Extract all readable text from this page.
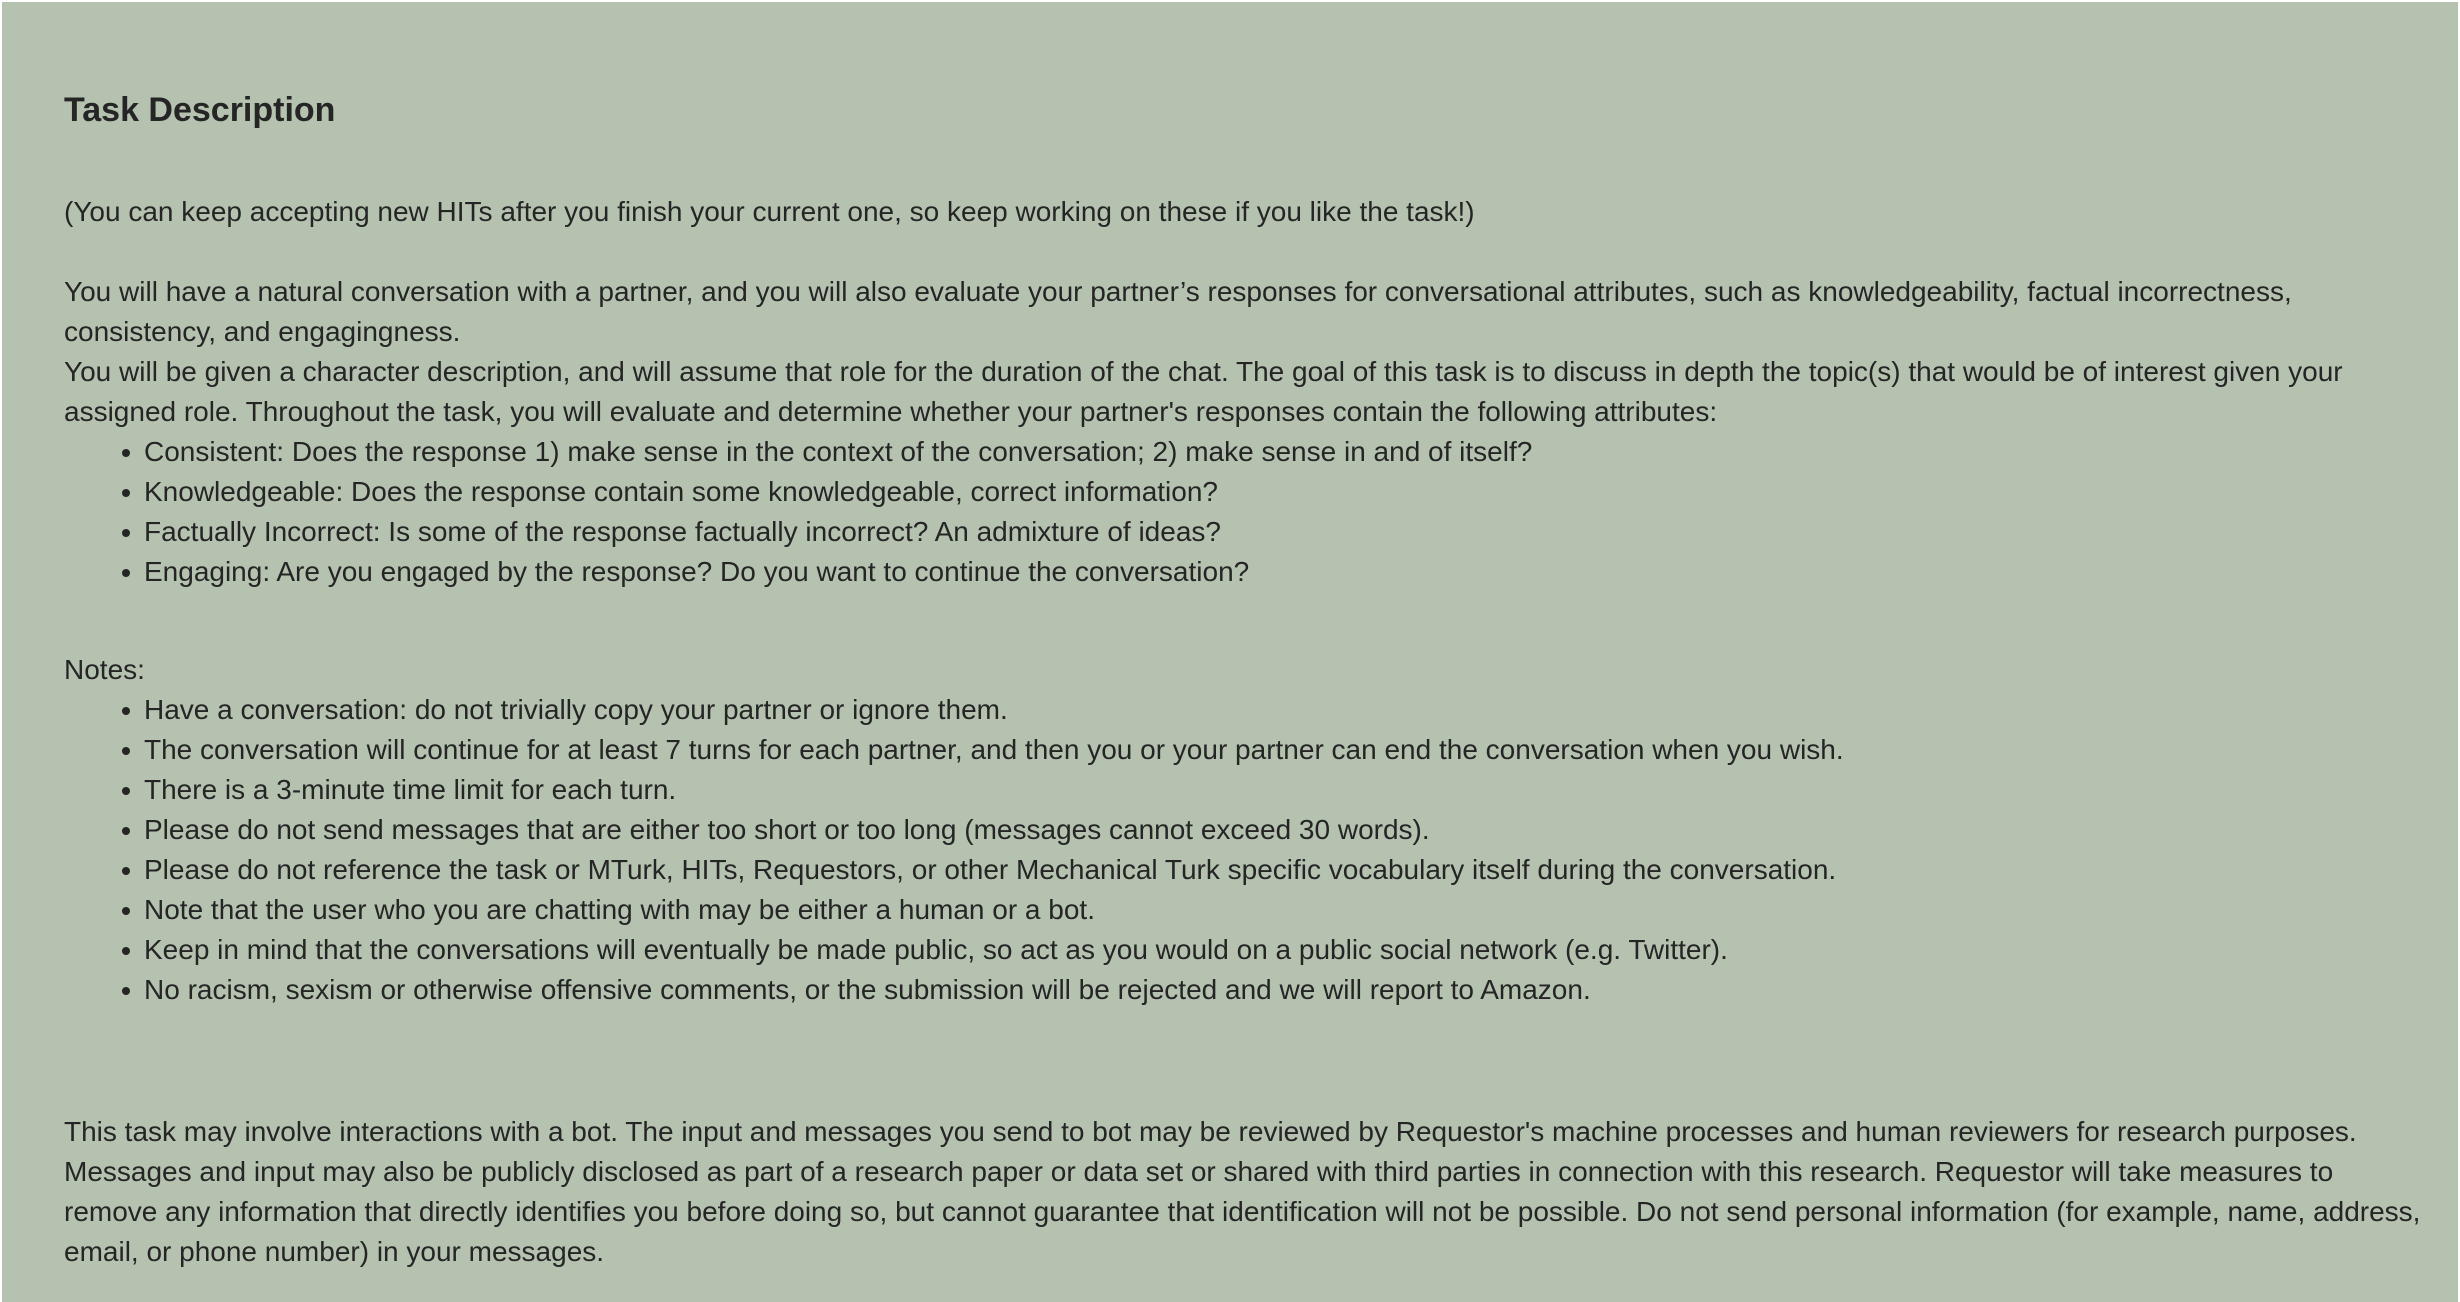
Task Description

(You can keep accepting new HITs after you finish your current one, so keep working on these if you like the task!)

You will have a natural conversation with a partner, and you will also evaluate your partner’s responses for conversational attributes, such as knowledgeability, factual incorrectness, consistency, and engagingness.

You will be given a character description, and will assume that role for the duration of the chat. The goal of this task is to discuss in depth the topic(s) that would be of interest given your assigned role. Throughout the task, you will evaluate and determine whether your partner's responses contain the following attributes:

Consistent: Does the response 1) make sense in the context of the conversation; 2) make sense in and of itself?
Knowledgeable: Does the response contain some knowledgeable, correct information?
Factually Incorrect: Is some of the response factually incorrect? An admixture of ideas?
Engaging: Are you engaged by the response? Do you want to continue the conversation?

Notes:

Have a conversation: do not trivially copy your partner or ignore them.
The conversation will continue for at least 7 turns for each partner, and then you or your partner can end the conversation when you wish.
There is a 3-minute time limit for each turn.
Please do not send messages that are either too short or too long (messages cannot exceed 30 words).
Please do not reference the task or MTurk, HITs, Requestors, or other Mechanical Turk specific vocabulary itself during the conversation.
Note that the user who you are chatting with may be either a human or a bot.
Keep in mind that the conversations will eventually be made public, so act as you would on a public social network (e.g. Twitter).
No racism, sexism or otherwise offensive comments, or the submission will be rejected and we will report to Amazon.

This task may involve interactions with a bot. The input and messages you send to bot may be reviewed by Requestor's machine processes and human reviewers for research purposes. Messages and input may also be publicly disclosed as part of a research paper or data set or shared with third parties in connection with this research. Requestor will take measures to remove any information that directly identifies you before doing so, but cannot guarantee that identification will not be possible. Do not send personal information (for example, name, address, email, or phone number) in your messages.
